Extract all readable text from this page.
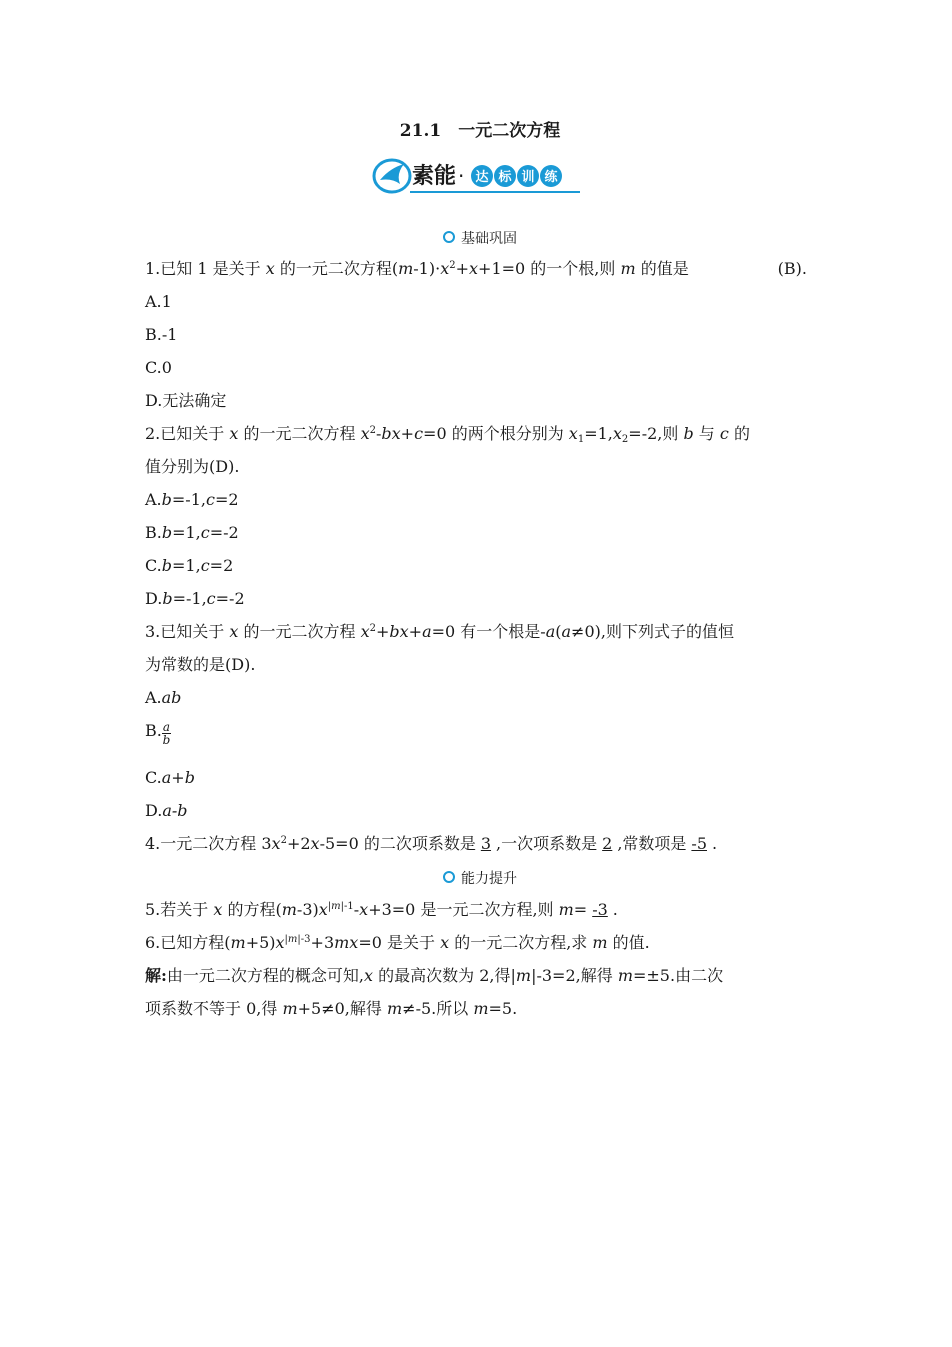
21.1　一元二次方程
素能 · 达 标 训 练
基础巩固
1.已知 1 是关于 x 的一元二次方程$(m-1)\cdot x^2+x+1=0$ 的一个根,则 m 的值是	(B).
A.1
B.-1
C.0
D.无法确定
2.已知关于 x 的一元二次方程 $x^2-bx+c=0$ 的两个根分别为 $x_1=1,x_2=-2$,则 b 与 c 的
值分别为(D).
A.b=-1,c=2
B.b=1,c=-2
C.b=1,c=2
D.b=-1,c=-2
3.已知关于 x 的一元二次方程 $x^2+bx+a=0$ 有一个根是-a(a≠0),则下列式子的值恒
为常数的是(D).
A.ab
B. $\frac{a}{b}$
C.a+b
D.a-b
4.一元二次方程 $3x^2+2x-5=0$ 的二次项系数是 3 ,一次项系数是 2 ,常数项是 -5 .
能力提升
5.若关于 x 的方程$(m-3)x^{|m|-1}-x+3=0$ 是一元二次方程,则 m= -3 .
6.已知方程$(m+5)x^{|m|-3}+3mx=0$ 是关于 x 的一元二次方程,求 m 的值.
解:由一元二次方程的概念可知,x 的最高次数为 2,得|m|-3=2,解得 m=±5.由二次
项系数不等于 0,得 m+5≠0,解得 m≠-5.所以 m=5.
